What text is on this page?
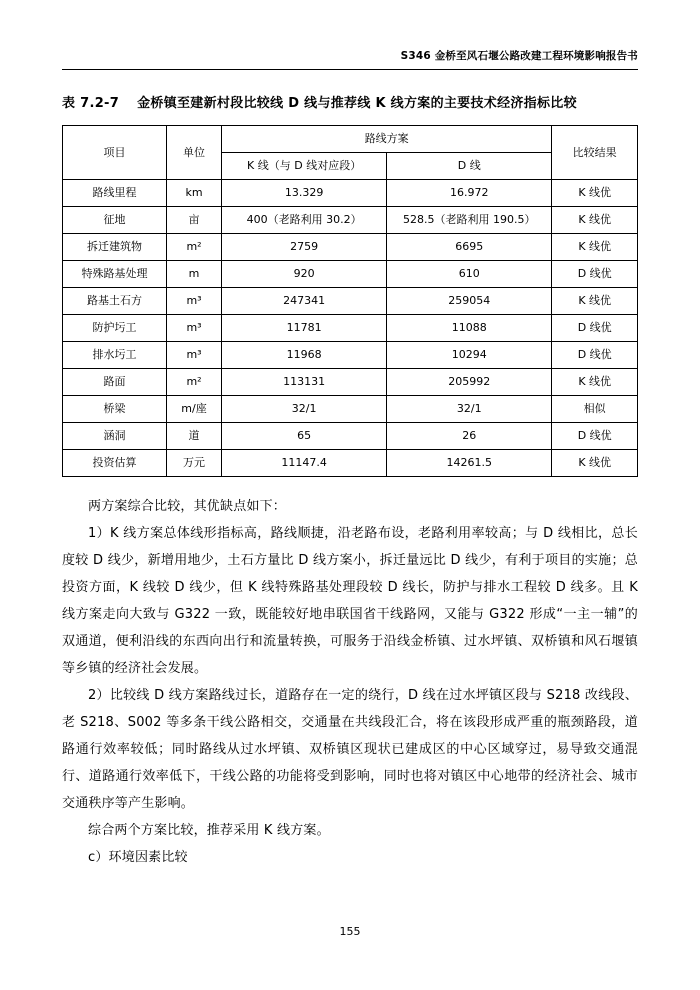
S346 金桥至风石堰公路改建工程环境影响报告书
表 7.2-7 金桥镇至建新村段比较线 D 线与推荐线 K 线方案的主要技术经济指标比较
项目	单位	路线方案		比较结果
		K 线（与 D 线对应段）	D 线	
路线里程	km	13.329	16.972	K 线优
征地	亩	400（老路利用 30.2）	528.5（老路利用 190.5）	K 线优
拆迁建筑物	m²	2759	6695	K 线优
特殊路基处理	m	920	610	D 线优
路基土石方	m³	247341	259054	K 线优
防护圬工	m³	11781	11088	D 线优
排水圬工	m³	11968	10294	D 线优
路面	m²	113131	205992	K 线优
桥梁	m/座	32/1	32/1	相似
涵洞	道	65	26	D 线优
投资估算	万元	11147.4	14261.5	K 线优

两方案综合比较，其优缺点如下：

1）K 线方案总体线形指标高，路线顺捷，沿老路布设，老路利用率较高；与 D 线相比，总长度较 D 线少，新增用地少，土石方量比 D 线方案小，拆迁量远比 D 线少，有利于项目的实施；总投资方面，K 线较 D 线少，但 K 线特殊路基处理段较 D 线长，防护与排水工程较 D 线多。且 K 线方案走向大致与 G322 一致，既能较好地串联国省干线路网，又能与 G322 形成“一主一辅”的双通道，便利沿线的东西向出行和流量转换，可服务于沿线金桥镇、过水坪镇、双桥镇和风石堰镇等乡镇的经济社会发展。

2）比较线 D 线方案路线过长，道路存在一定的绕行，D 线在过水坪镇区段与 S218 改线段、老 S218、S002 等多条干线公路相交，交通量在共线段汇合，将在该段形成严重的瓶颈路段，道路通行效率较低；同时路线从过水坪镇、双桥镇区现状已建成区的中心区域穿过，易导致交通混行、道路通行效率低下，干线公路的功能将受到影响，同时也将对镇区中心地带的经济社会、城市交通秩序等产生影响。

综合两个方案比较，推荐采用 K 线方案。

c）环境因素比较

155
